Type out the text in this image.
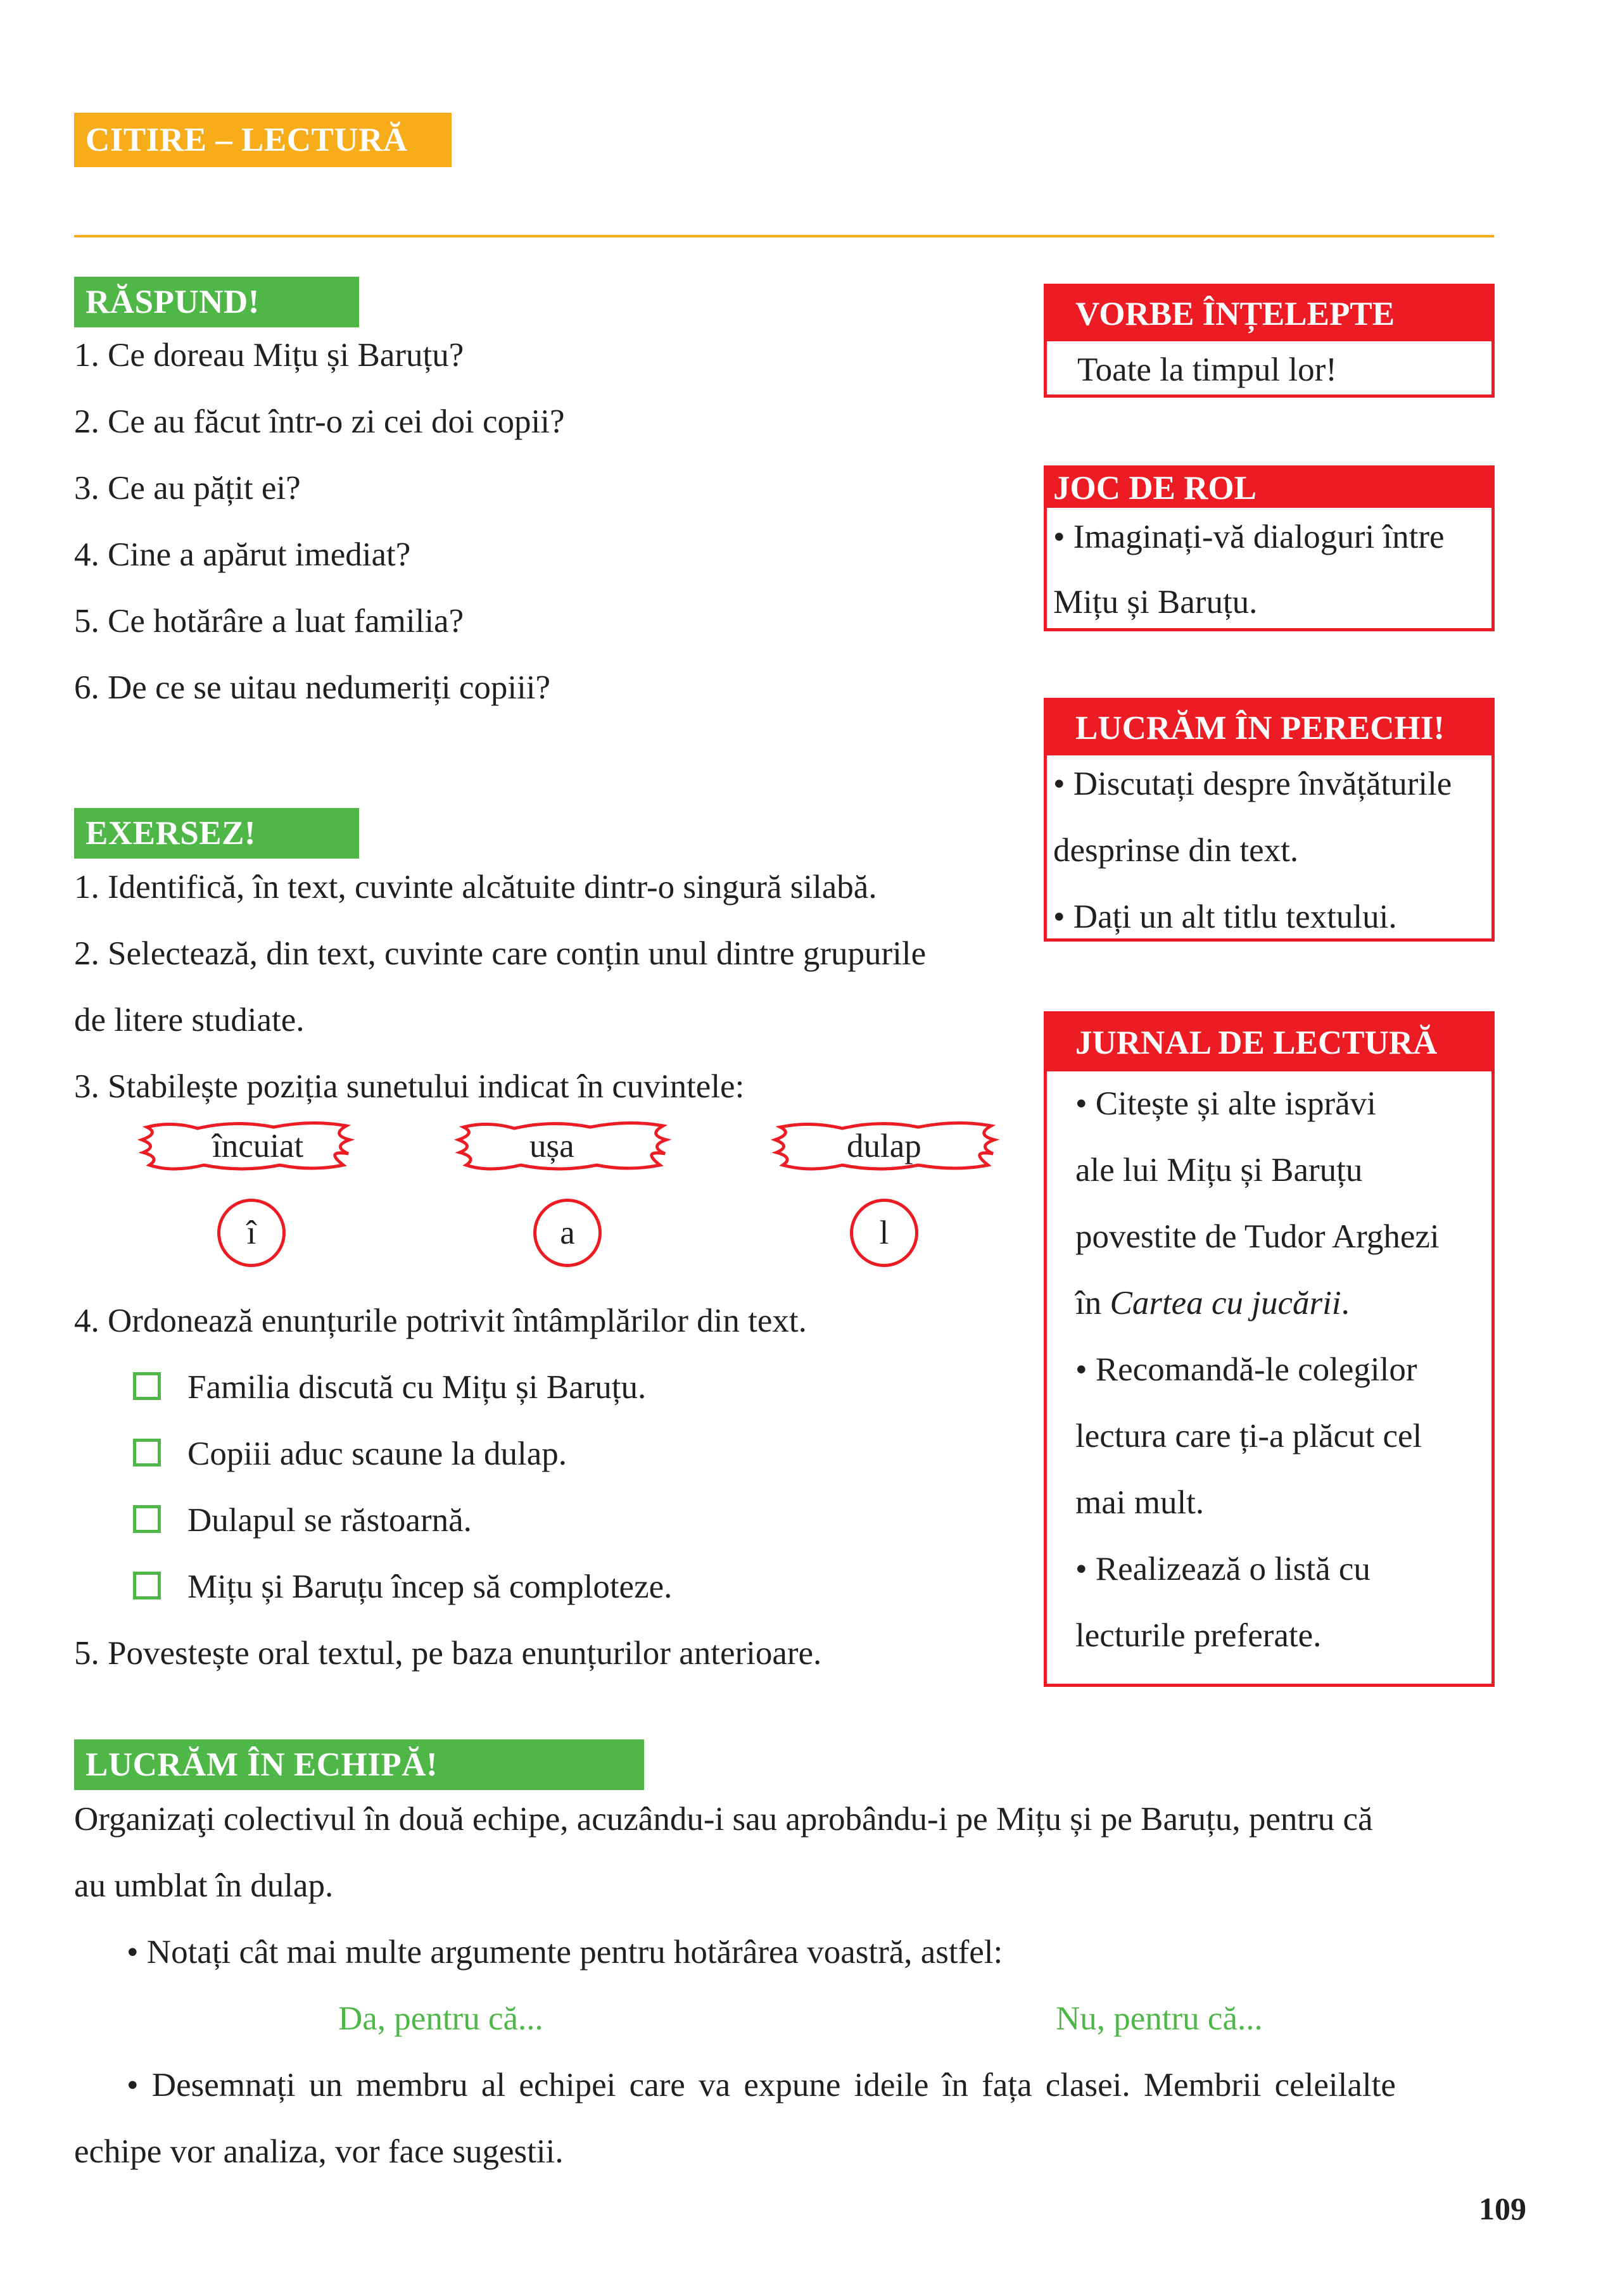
CITIRE – LECTURĂ
RĂSPUND!
1. Ce doreau Mițu și Baruțu?
2. Ce au făcut într-o zi cei doi copii?
3. Ce au pățit ei?
4. Cine a apărut imediat?
5. Ce hotărâre a luat familia?
6. De ce se uitau nedumeriți copiii?
EXERSEZ!
1. Identifică, în text, cuvinte alcătuite dintr-o singură silabă.
2. Selectează, din text, cuvinte care conțin unul dintre grupurile
de litere studiate.
3. Stabilește poziția sunetului indicat în cuvintele:
încuiat	ușa	dulap
î	a	l
4. Ordonează enunțurile potrivit întâmplărilor din text.
Familia discută cu Mițu și Baruțu.
Copiii aduc scaune la dulap.
Dulapul se răstoarnă.
Mițu și Baruțu încep să comploteze.
5. Povestește oral textul, pe baza enunțurilor anterioare.
VORBE ÎNȚELEPTE
Toate la timpul lor!
JOC DE ROL
• Imaginați-vă dialoguri între
Mițu și Baruțu.
LUCRĂM ÎN PERECHI!
• Discutați despre învățăturile
desprinse din text.
• Dați un alt titlu textului.
JURNAL DE LECTURĂ
• Citește și alte isprăvi
ale lui Mițu și Baruțu
povestite de Tudor Arghezi
în Cartea cu jucării.
• Recomandă-le colegilor
lectura care ți-a plăcut cel
mai mult.
• Realizează o listă cu
lecturile preferate.
LUCRĂM ÎN ECHIPĂ!
Organizaţi colectivul în două echipe, acuzându-i sau aprobându-i pe Mițu și pe Baruțu, pentru că
au umblat în dulap.
• Notați cât mai multe argumente pentru hotărârea voastră, astfel:
Da, pentru că...	Nu, pentru că...
• Desemnați un membru al echipei care va expune ideile în fața clasei. Membrii celeilalte
echipe vor analiza, vor face sugestii.
109
